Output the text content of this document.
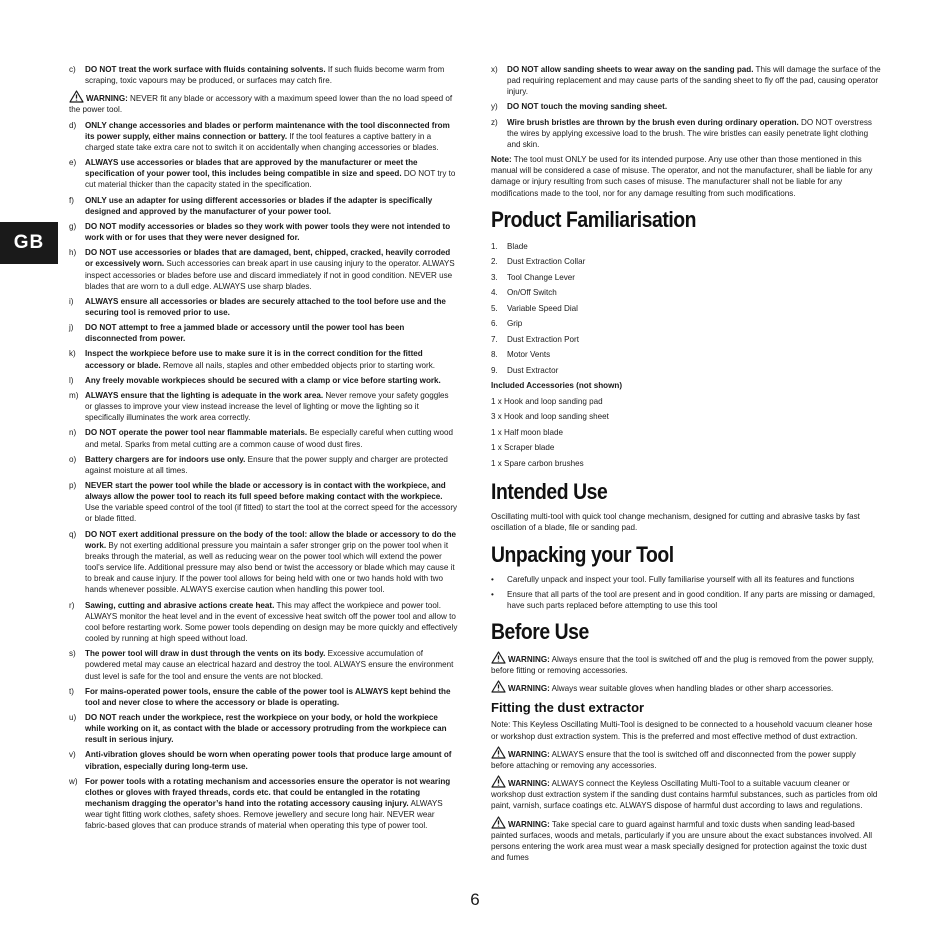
GB
c)	DO NOT treat the work surface with fluids containing solvents. If such fluids become warm from scraping, toxic vapours may be produced, or surfaces may catch fire.
WARNING: NEVER fit any blade or accessory with a maximum speed lower than the no load speed of the power tool.
d)	ONLY change accessories and blades or perform maintenance with the tool disconnected from its power supply, either mains connection or battery. If the tool features a captive battery in a charged state take extra care not to switch it on accidentally when changing accessories or blades.
e)	ALWAYS use accessories or blades that are approved by the manufacturer or meet the specification of your power tool, this includes being compatible in size and speed. DO NOT try to cut material thicker than the capacity stated in the specification.
f)	ONLY use an adapter for using different accessories or blades if the adapter is specifically designed and approved by the manufacturer of your power tool.
g)	DO NOT modify accessories or blades so they work with power tools they were not intended to work with or for uses that they were never designed for.
h)	DO NOT use accessories or blades that are damaged, bent, chipped, cracked, heavily corroded or excessively worn. Such accessories can break apart in use causing injury to the operator. ALWAYS inspect accessories or blades before use and discard immediately if not in good condition. NEVER use blades that are worn to a dull edge. ALWAYS use sharp blades.
i)	ALWAYS ensure all accessories or blades are securely attached to the tool before use and the securing tool is removed prior to use.
j)	DO NOT attempt to free a jammed blade or accessory until the power tool has been disconnected from power.
k)	Inspect the workpiece before use to make sure it is in the correct condition for the fitted accessory or blade. Remove all nails, staples and other embedded objects prior to starting work.
l)	Any freely movable workpieces should be secured with a clamp or vice before starting work.
m) ALWAYS ensure that the lighting is adequate in the work area. Never remove your safety goggles or glasses to improve your view instead increase the level of lighting or move the lighting so it specifically illuminates the work area correctly.
n)	DO NOT operate the power tool near flammable materials. Be especially careful when cutting wood and metal. Sparks from metal cutting are a common cause of wood dust fires.
o)	Battery chargers are for indoors use only. Ensure that the power supply and charger are protected against moisture at all times.
p)	NEVER start the power tool while the blade or accessory is in contact with the workpiece, and always allow the power tool to reach its full speed before making contact with the workpiece. Use the variable speed control of the tool (if fitted) to start the tool at the correct speed for the accessory or blade fitted.
q)	DO NOT exert additional pressure on the body of the tool: allow the blade or accessory to do the work. By not exerting additional pressure you maintain a safer stronger grip on the power tool when it breaks through the material, as well as reducing wear on the power tool which will extend the power tool’s service life. Additional pressure may also bend or twist the accessory or blade which may cause it to break and cause injury. If the power tool allows for being held with one or two hands hold with two hands whenever possible. ALWAYS exercise caution when handling this power tool.
r)	Sawing, cutting and abrasive actions create heat. This may affect the workpiece and power tool. ALWAYS monitor the heat level and in the event of excessive heat switch off the power tool and allow to cool before restarting work. Some power tools depending on design may be more quickly and effectively cooled by running at high speed without load.
s)	The power tool will draw in dust through the vents on its body. Excessive accumulation of powdered metal may cause an electrical hazard and destroy the tool. ALWAYS ensure the environment dust level is safe for the tool and ensure the vents are not blocked.
t)	For mains-operated power tools, ensure the cable of the power tool is ALWAYS kept behind the tool and never close to where the accessory or blade is operating.
u)	DO NOT reach under the workpiece, rest the workpiece on your body, or hold the workpiece while working on it, as contact with the blade or accessory protruding from the workpiece can result in serious injury.
v)	Anti-vibration gloves should be worn when operating power tools that produce large amount of vibration, especially during long-term use.
w) For power tools with a rotating mechanism and accessories ensure the operator is not wearing clothes or gloves with frayed threads, cords etc. that could be entangled in the rotating mechanism dragging the operator’s hand into the rotating accessory causing injury. ALWAYS wear tight fitting work clothes, safety shoes. Remove jewellery and secure long hair. NEVER wear fabric-based gloves that can produce strands of material when operating this type of power tool.
x)	DO NOT allow sanding sheets to wear away on the sanding pad. This will damage the surface of the pad requiring replacement and may cause parts of the sanding sheet to fly off the pad, causing operator injury.
y)	DO NOT touch the moving sanding sheet.
z)	Wire brush bristles are thrown by the brush even during ordinary operation. DO NOT overstress the wires by applying excessive load to the brush. The wire bristles can easily penetrate light clothing and skin.
Note: The tool must ONLY be used for its intended purpose. Any use other than those mentioned in this manual will be considered a case of misuse. The operator, and not the manufacturer, shall be liable for any damage or injury resulting from such cases of misuse. The manufacturer shall not be liable for any modifications made to the tool, nor for any damage resulting from such modifications.
Product Familiarisation
1.	Blade
2.	Dust Extraction Collar
3.	Tool Change Lever
4.	On/Off Switch
5.	Variable Speed Dial
6.	Grip
7.	Dust Extraction Port
8.	Motor Vents
9.	Dust Extractor
Included Accessories (not shown)
1 x Hook and loop sanding pad
3 x Hook and loop sanding sheet
1 x Half moon blade
1 x Scraper blade
1 x Spare carbon brushes
Intended Use
Oscillating multi-tool with quick tool change mechanism, designed for cutting and abrasive tasks by fast oscillation of a blade, file or sanding pad.
Unpacking your Tool
•	Carefully unpack and inspect your tool. Fully familiarise yourself with all its features and functions
•	Ensure that all parts of the tool are present and in good condition. If any parts are missing or damaged, have such parts replaced before attempting to use this tool
Before Use
WARNING: Always ensure that the tool is switched off and the plug is removed from the power supply, before fitting or removing accessories.
WARNING: Always wear suitable gloves when handling blades or other sharp accessories.
Fitting the dust extractor
Note: This Keyless Oscillating Multi-Tool is designed to be connected to a household vacuum cleaner hose or workshop dust extraction system. This is the preferred and most effective method of dust extraction.
WARNING: ALWAYS ensure that the tool is switched off and disconnected from the power supply before attaching or removing any accessories.
WARNING: ALWAYS connect the Keyless Oscillating Multi-Tool to a suitable vacuum cleaner or workshop dust extraction system if the sanding dust contains harmful substances, such as particles from old paint, varnish, surface coatings etc. ALWAYS dispose of harmful dust according to laws and regulations.
WARNING: Take special care to guard against harmful and toxic dusts when sanding lead-based painted surfaces, woods and metals, particularly if you are unsure about the exact substances involved. All persons entering the work area must wear a mask specially designed for protection against the toxic dust and fumes
6
